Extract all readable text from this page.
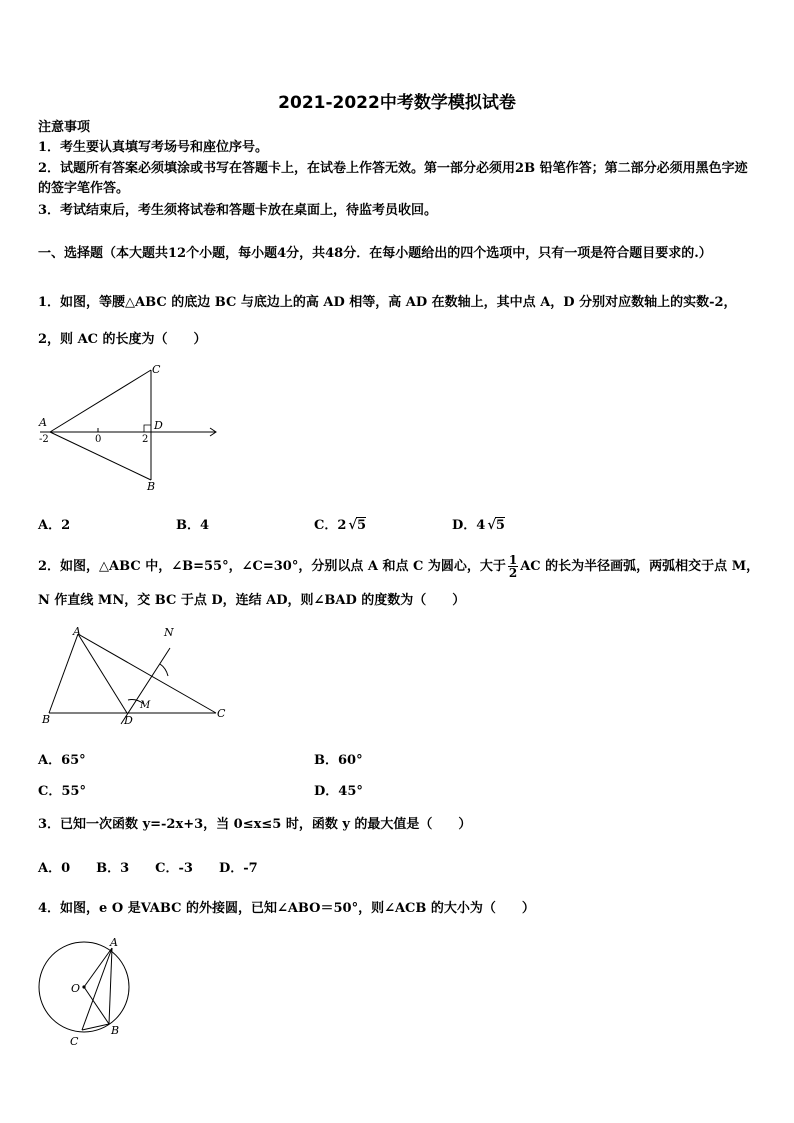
2021-2022中考数学模拟试卷
注意事项
1．考生要认真填写考场号和座位序号。
2．试题所有答案必须填涂或书写在答题卡上，在试卷上作答无效。第一部分必须用2B 铅笔作答；第二部分必须用黑色字迹的签字笔作答。
3．考试结束后，考生须将试卷和答题卡放在桌面上，待监考员收回。
一、选择题（本大题共12个小题，每小题4分，共48分．在每小题给出的四个选项中，只有一项是符合题目要求的.）
1．如图，等腰△ABC 的底边 BC 与底边上的高 AD 相等，高 AD 在数轴上，其中点 A，D 分别对应数轴上的实数-2，
2，则 AC 的长度为（　　）
C
A
-2	0	2
D
B
A．2	B．4	C．2 √5	D．4 √5
2．如图，△ABC 中，∠B=55°，∠C=30°，分别以点 A 和点 C 为圆心，大于 $\frac{1}{2}$ AC 的长为半径画弧，两弧相交于点 M，
N 作直线 MN，交 BC 于点 D，连结 AD，则∠BAD 的度数为（　　）
A
B	D
C
M
N
A．65°	B．60°
C．55°	D．45°
3．已知一次函数 y=-2x+3，当 0≤x≤5 时，函数 y 的最大值是（　　）
A．0　　B．3　　C．-3　　D．-7
4．如图，e O 是VABC 的外接圆，已知∠ABO＝50°，则∠ACB 的大小为（　　）
A
O
B
C
